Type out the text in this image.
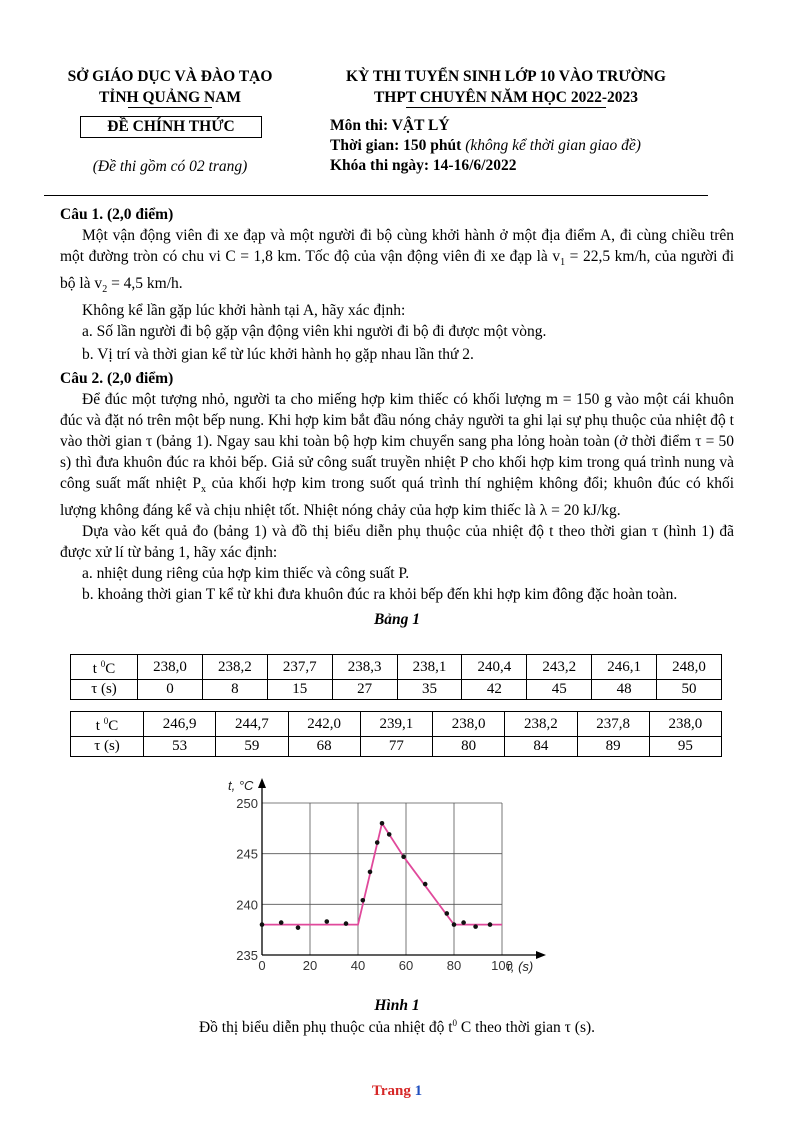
SỞ GIÁO DỤC VÀ ĐÀO TẠO
TỈNH QUẢNG NAM
ĐỀ CHÍNH THỨC
(Đề thi gồm có 02 trang)
KỲ THI TUYỂN SINH LỚP 10 VÀO TRƯỜNG
THPT CHUYÊN NĂM HỌC 2022-2023
Môn thi: VẬT LÝ
Thời gian: 150 phút (không kể thời gian giao đề)
Khóa thi ngày: 14-16/6/2022

Câu 1. (2,0 điểm)

Một vận động viên đi xe đạp và một người đi bộ cùng khởi hành ở một địa điểm A, đi cùng chiều trên một đường tròn có chu vi C = 1,8 km. Tốc độ của vận động viên đi xe đạp là $v_1 = 22,5$ km/h, của người đi bộ là $v_2 = 4,5$ km/h.

Không kể lần gặp lúc khởi hành tại A, hãy xác định:

a. Số lần người đi bộ gặp vận động viên khi người đi bộ đi được một vòng.

b. Vị trí và thời gian kể từ lúc khởi hành họ gặp nhau lần thứ 2.

Câu 2. (2,0 điểm)

Để đúc một tượng nhỏ, người ta cho miếng hợp kim thiếc có khối lượng m = 150 g vào một cái khuôn đúc và đặt nó trên một bếp nung. Khi hợp kim bắt đầu nóng chảy người ta ghi lại sự phụ thuộc của nhiệt độ t vào thời gian τ (bảng 1). Ngay sau khi toàn bộ hợp kim chuyển sang pha lỏng hoàn toàn (ở thời điểm τ = 50 s) thì đưa khuôn đúc ra khỏi bếp. Giả sử công suất truyền nhiệt P cho khối hợp kim trong quá trình nung và công suất mất nhiệt $P_x$ của khối hợp kim trong suốt quá trình thí nghiệm không đổi; khuôn đúc có khối lượng không đáng kể và chịu nhiệt tốt. Nhiệt nóng chảy của hợp kim thiếc là λ = 20 kJ/kg.

Dựa vào kết quả đo (bảng 1) và đồ thị biểu diễn phụ thuộc của nhiệt độ t theo thời gian τ (hình 1) đã được xử lí từ bảng 1, hãy xác định:

a. nhiệt dung riêng của hợp kim thiếc và công suất P.

b. khoảng thời gian T kể từ khi đưa khuôn đúc ra khỏi bếp đến khi hợp kim đông đặc hoàn toàn.

Bảng 1
t $^0$C	238,0	238,2	237,7	238,3	238,1	240,4	243,2	246,1	248,0
τ (s)	0	8	15	27	35	42	45	48	50
t $^0$C	246,9	244,7	242,0	239,1	238,0	238,2	237,8	238,0
τ (s)	53	59	68	77	80	84	89	95
0	20	40	60	80 100
235
240
245
250
t, °C
τ, (s)
Hình 1
Đồ thị biểu diễn phụ thuộc của nhiệt độ $t^0$ C theo thời gian τ (s).
Trang 1
